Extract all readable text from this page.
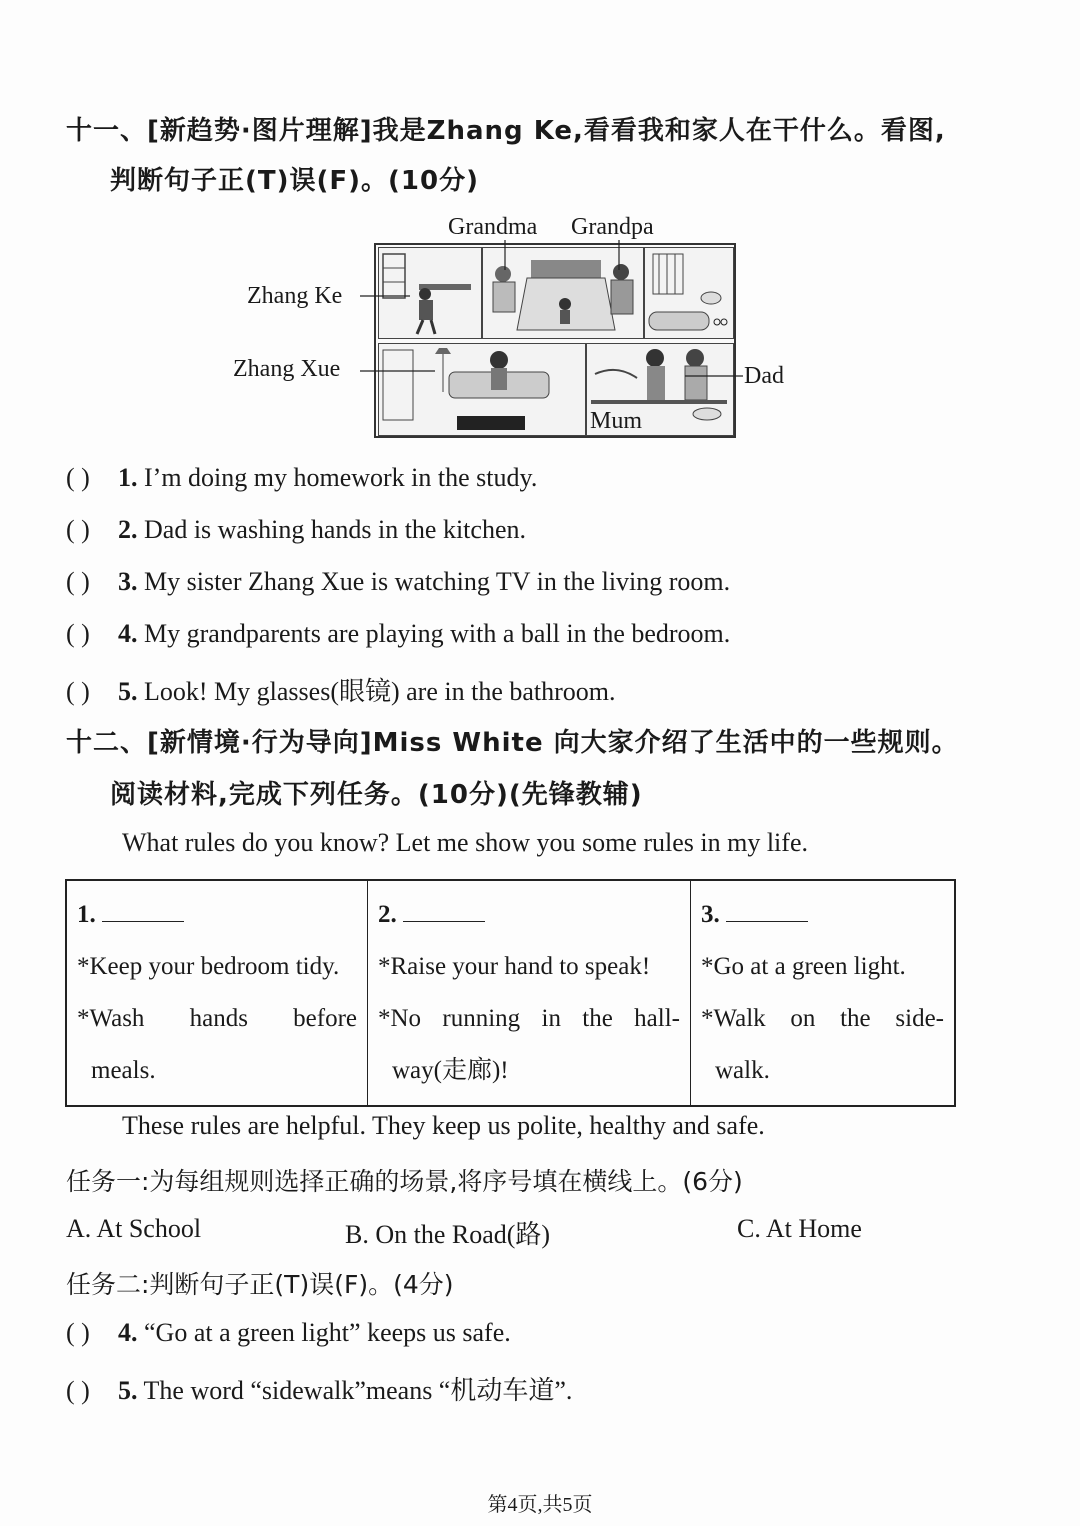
十一、[新趋势·图片理解]我是Zhang Ke,看看我和家人在干什么。看图,
判断句子正(T)误(F)。(10分)
Grandma Grandpa
Zhang Ke
Zhang Xue	Dad
Mum
( ) 1. I’m doing my homework in the study.
( ) 2. Dad is washing hands in the kitchen.
( ) 3. My sister Zhang Xue is watching TV in the living room.
( ) 4. My grandparents are playing with a ball in the bedroom.
( ) 5. Look! My glasses(眼镜) are in the bathroom.
十二、[新情境·行为导向]Miss White 向大家介绍了生活中的一些规则。
阅读材料,完成下列任务。(10分)(先锋教辅)
What rules do you know? Let me show you some rules in my life.
1.
*Keep your bedroom tidy.
*Wash hands before
meals.

2.
*Raise your hand to speak!
*No running in the hall-
way(走廊)!

3.
*Go at a green light.
*Walk on the side-
walk.
These rules are helpful. They keep us polite, healthy and safe.
任务一:为每组规则选择正确的场景,将序号填在横线上。(6分)
A. At School	B. On the Road(路)	C. At Home
任务二:判断句子正(T)误(F)。(4分)
( ) 4. “Go at a green light” keeps us safe.
( ) 5. The word “sidewalk”means “机动车道”.
第4页,共5页
